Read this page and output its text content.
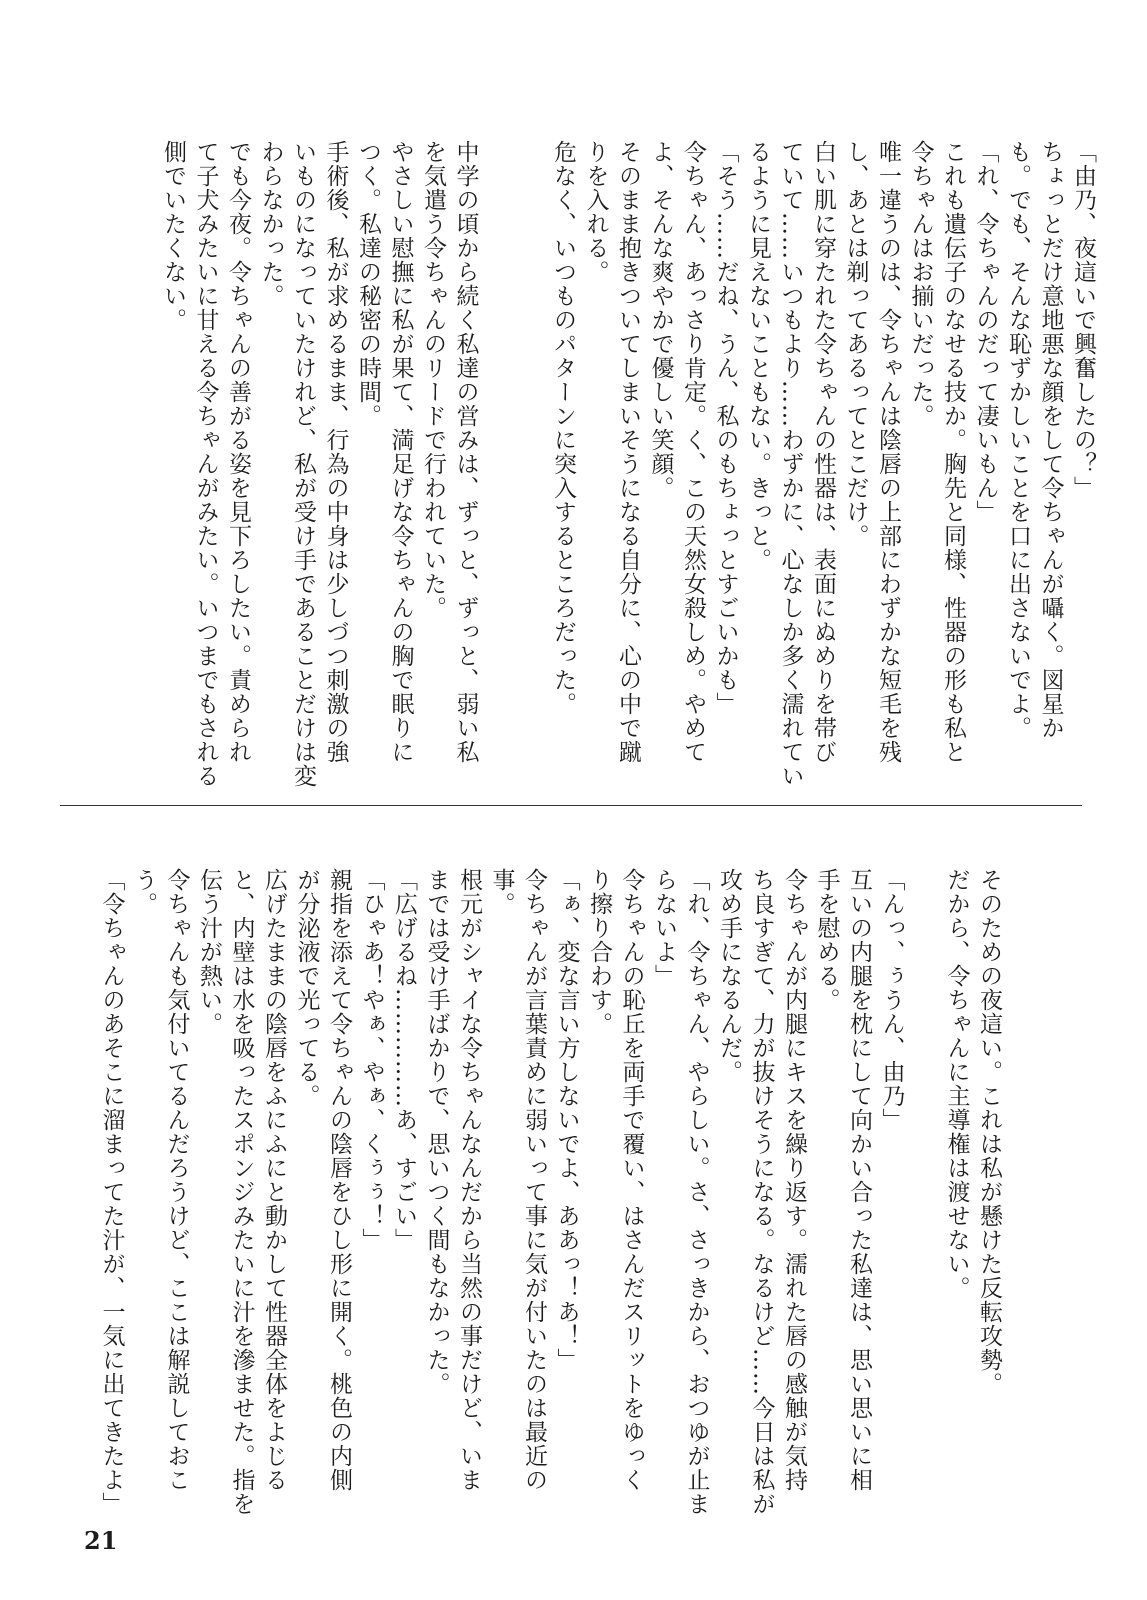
「由乃、夜這いで興奮したの？」
ちょっとだけ意地悪な顔をして令ちゃんが囁く。図星か
も。でも、そんな恥ずかしいことを口に出さないでよ。
「れ、令ちゃんのだって凄いもん」
これも遺伝子のなせる技か。胸先と同様、性器の形も私と
令ちゃんはお揃いだった。
唯一違うのは、令ちゃんは陰唇の上部にわずかな短毛を残
し、あとは剃ってあるってとこだけ。
白い肌に穿たれた令ちゃんの性器は、表面にぬめりを帯び
ていて……いつもより……わずかに、心なしか多く濡れてい
るように見えないこともない。きっと。
「そう……だね、うん、私のもちょっとすごいかも」
令ちゃん、あっさり肯定。く、この天然女殺しめ。やめて
よ、そんな爽やかで優しい笑顔。
そのまま抱きついてしまいそうになる自分に、心の中で蹴
りを入れる。
危なく、いつものパターンに突入するところだった。

中学の頃から続く私達の営みは、ずっと、ずっと、弱い私
を気遣う令ちゃんのリードで行われていた。
やさしい慰撫に私が果て、満足げな令ちゃんの胸で眠りに
つく。私達の秘密の時間。
手術後、私が求めるまま、行為の中身は少しづつ刺激の強
いものになっていたけれど、私が受け手であることだけは変
わらなかった。
でも今夜。令ちゃんの善がる姿を見下ろしたい。責められ
て子犬みたいに甘える令ちゃんがみたい。いつまでもされる
側でいたくない。
そのための夜這い。これは私が懸けた反転攻勢。
だから、令ちゃんに主導権は渡せない。

「んっ、ぅうん、由乃」
互いの内腿を枕にして向かい合った私達は、思い思いに相
手を慰める。
令ちゃんが内腿にキスを繰り返す。濡れた唇の感触が気持
ち良すぎて、力が抜けそうになる。なるけど……今日は私が
攻め手になるんだ。
「れ、令ちゃん、やらしい。さ、さっきから、おつゆが止ま
らないよ」
令ちゃんの恥丘を両手で覆い、はさんだスリットをゆっく
り擦り合わす。
「ぁ、変な言い方しないでよ、ああっ！あ！」
令ちゃんが言葉責めに弱いって事に気が付いたのは最近の
事。
根元がシャイな令ちゃんなんだから当然の事だけど、いま
までは受け手ばかりで、思いつく間もなかった。
「広げるね……………あ、すごい」
「ひゃあ！やぁ、やぁ、くぅぅ！」
親指を添えて令ちゃんの陰唇をひし形に開く。桃色の内側
が分泌液で光ってる。
広げたままの陰唇をふにふにと動かして性器全体をよじる
と、内壁は水を吸ったスポンジみたいに汁を滲ませた。指を
伝う汁が熱い。
令ちゃんも気付いてるんだろうけど、ここは解説しておこ
う。
「令ちゃんのあそこに溜まってた汁が、一気に出てきたよ」
21
